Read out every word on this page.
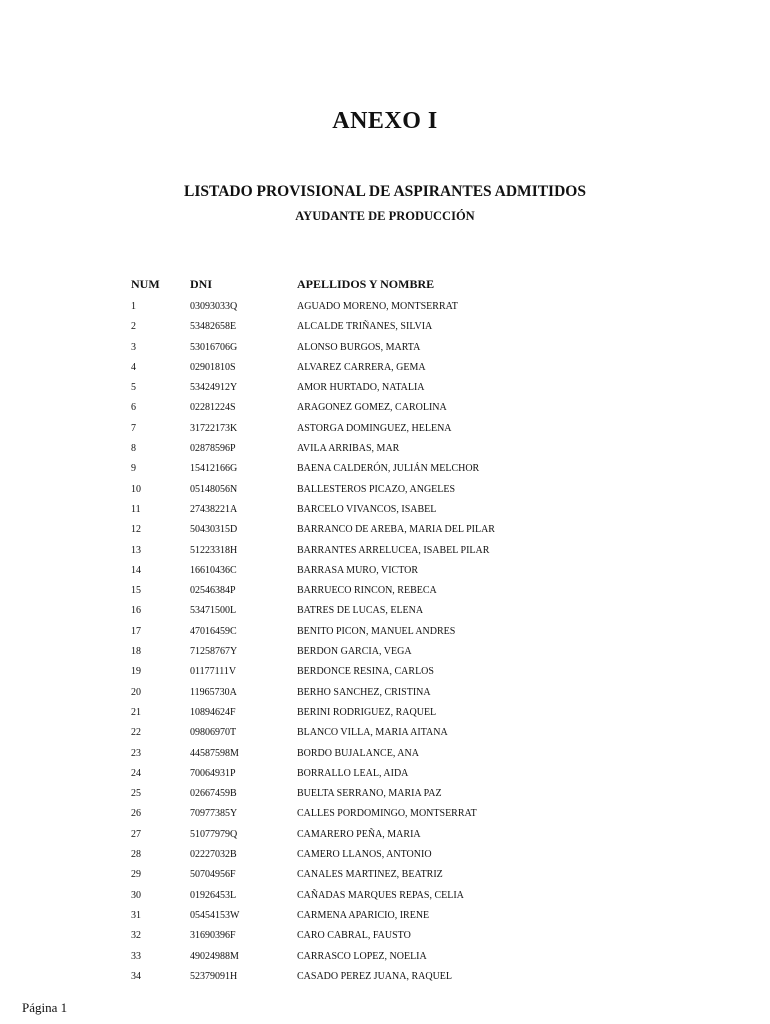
ANEXO I
LISTADO PROVISIONAL DE ASPIRANTES ADMITIDOS
AYUDANTE DE PRODUCCIÓN
NUM	DNI	APELLIDOS Y NOMBRE
1	03093033Q	AGUADO MORENO, MONTSERRAT
2	53482658E	ALCALDE TRIÑANES, SILVIA
3	53016706G	ALONSO BURGOS, MARTA
4	02901810S	ALVAREZ CARRERA, GEMA
5	53424912Y	AMOR HURTADO, NATALIA
6	02281224S	ARAGONEZ GOMEZ, CAROLINA
7	31722173K	ASTORGA DOMINGUEZ, HELENA
8	02878596P	AVILA ARRIBAS, MAR
9	15412166G	BAENA CALDERÓN, JULIÁN MELCHOR
10	05148056N	BALLESTEROS PICAZO, ANGELES
11	27438221A	BARCELO VIVANCOS, ISABEL
12	50430315D	BARRANCO DE AREBA, MARIA DEL PILAR
13	51223318H	BARRANTES ARRELUCEA, ISABEL PILAR
14	16610436C	BARRASA MURO, VICTOR
15	02546384P	BARRUECO RINCON, REBECA
16	53471500L	BATRES DE LUCAS, ELENA
17	47016459C	BENITO PICON, MANUEL ANDRES
18	71258767Y	BERDON GARCIA, VEGA
19	01177111V	BERDONCE RESINA, CARLOS
20	11965730A	BERHO SANCHEZ, CRISTINA
21	10894624F	BERINI RODRIGUEZ, RAQUEL
22	09806970T	BLANCO VILLA, MARIA AITANA
23	44587598M	BORDO BUJALANCE, ANA
24	70064931P	BORRALLO LEAL, AIDA
25	02667459B	BUELTA SERRANO, MARIA PAZ
26	70977385Y	CALLES PORDOMINGO, MONTSERRAT
27	51077979Q	CAMARERO PEÑA, MARIA
28	02227032B	CAMERO LLANOS, ANTONIO
29	50704956F	CANALES MARTINEZ, BEATRIZ
30	01926453L	CAÑADAS MARQUES REPAS, CELIA
31	05454153W	CARMENA APARICIO, IRENE
32	31690396F	CARO CABRAL, FAUSTO
33	49024988M	CARRASCO LOPEZ, NOELIA
34	52379091H	CASADO PEREZ JUANA, RAQUEL
Página 1
